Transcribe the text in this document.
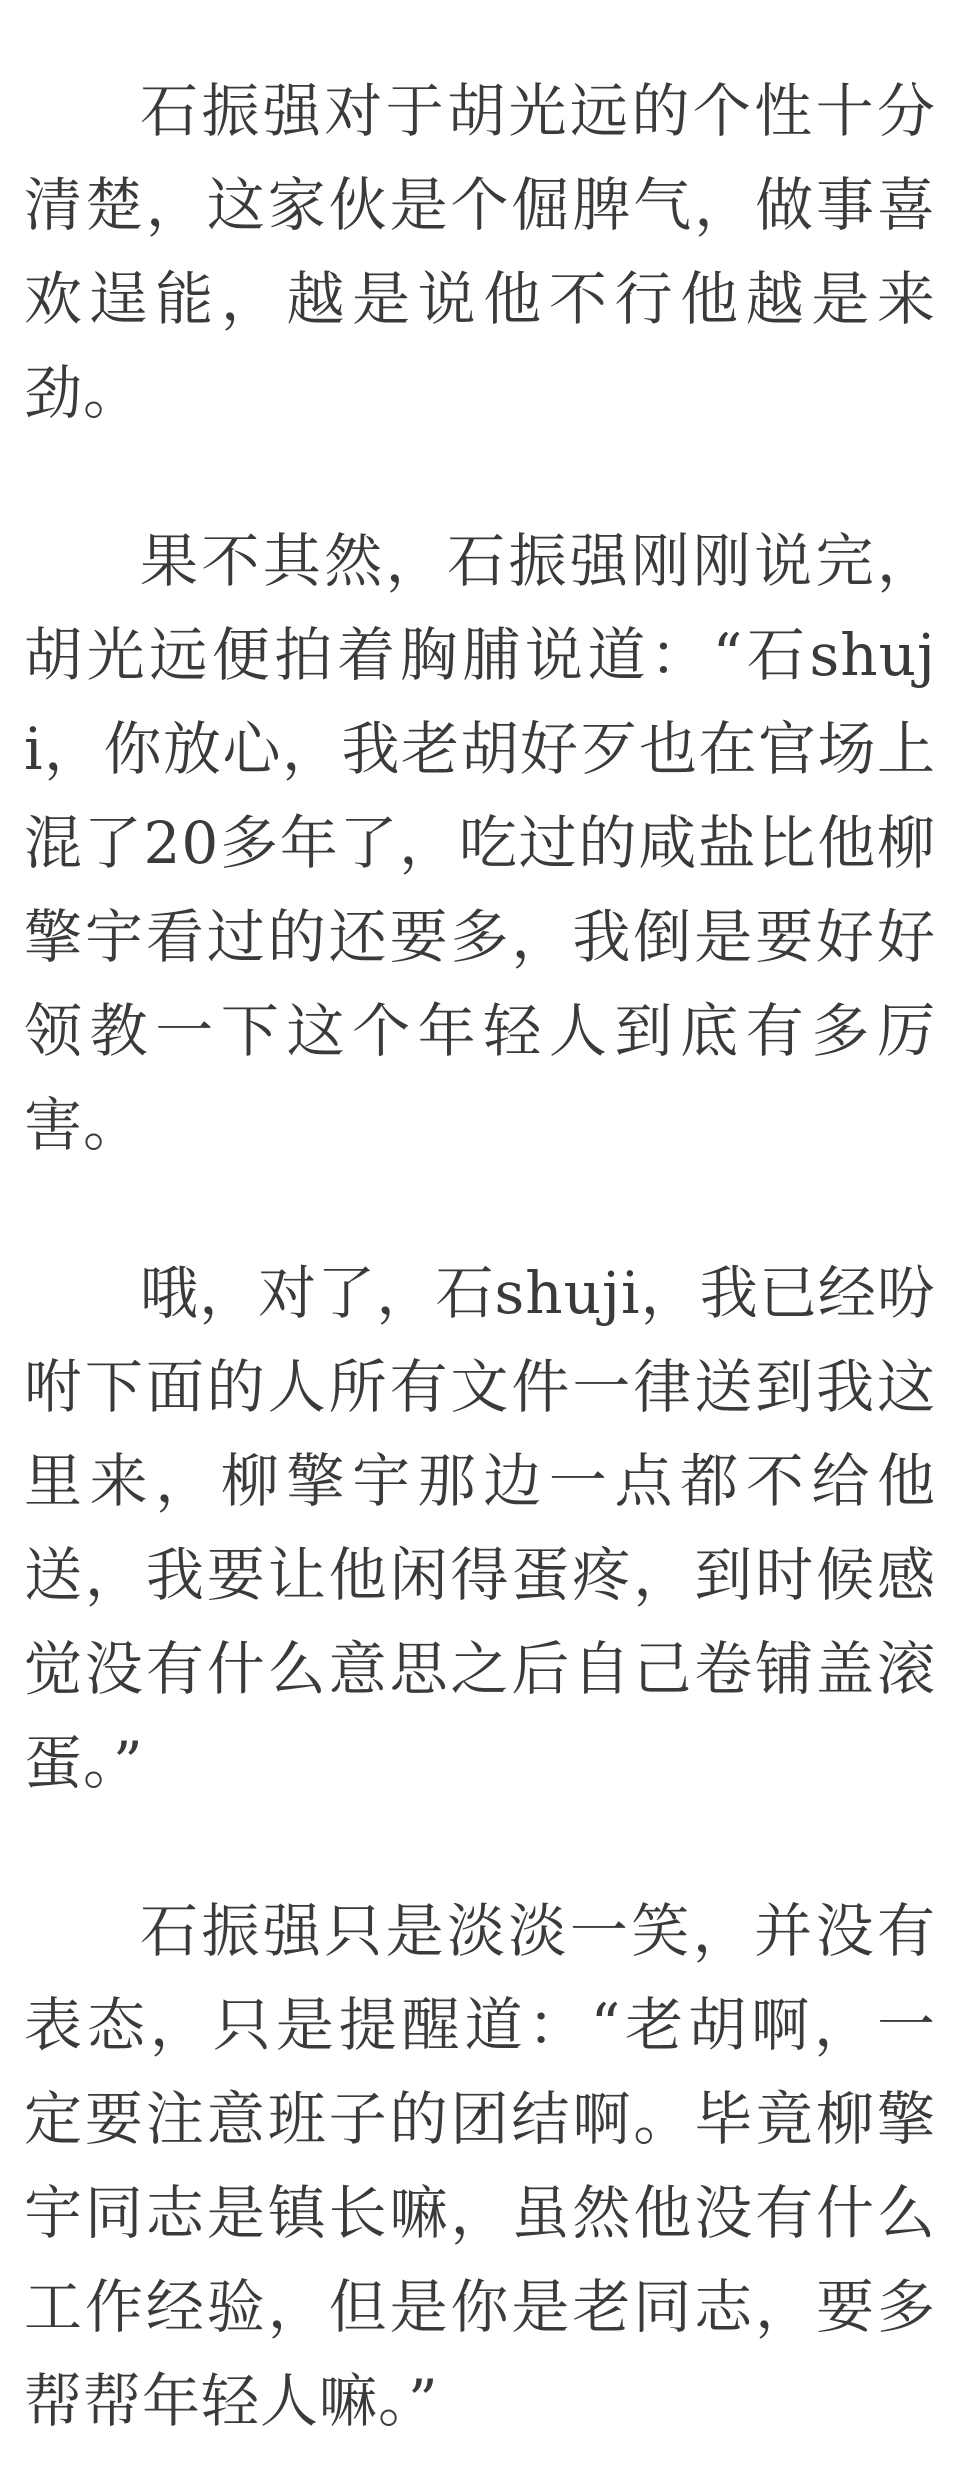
石振强对于胡光远的个性十分清楚，这家伙是个倔脾气，做事喜欢逞能，越是说他不行他越是来劲。

果不其然，石振强刚刚说完，胡光远便拍着胸脯说道：“石shuji，你放心，我老胡好歹也在官场上混了20多年了，吃过的咸盐比他柳擎宇看过的还要多，我倒是要好好领教一下这个年轻人到底有多厉害。

哦，对了，石shuji，我已经吩咐下面的人所有文件一律送到我这里来，柳擎宇那边一点都不给他送，我要让他闲得蛋疼，到时候感觉没有什么意思之后自己卷铺盖滚蛋。”

石振强只是淡淡一笑，并没有表态，只是提醒道：“老胡啊，一定要注意班子的团结啊。毕竟柳擎宇同志是镇长嘛，虽然他没有什么工作经验，但是你是老同志，要多帮帮年轻人嘛。”
